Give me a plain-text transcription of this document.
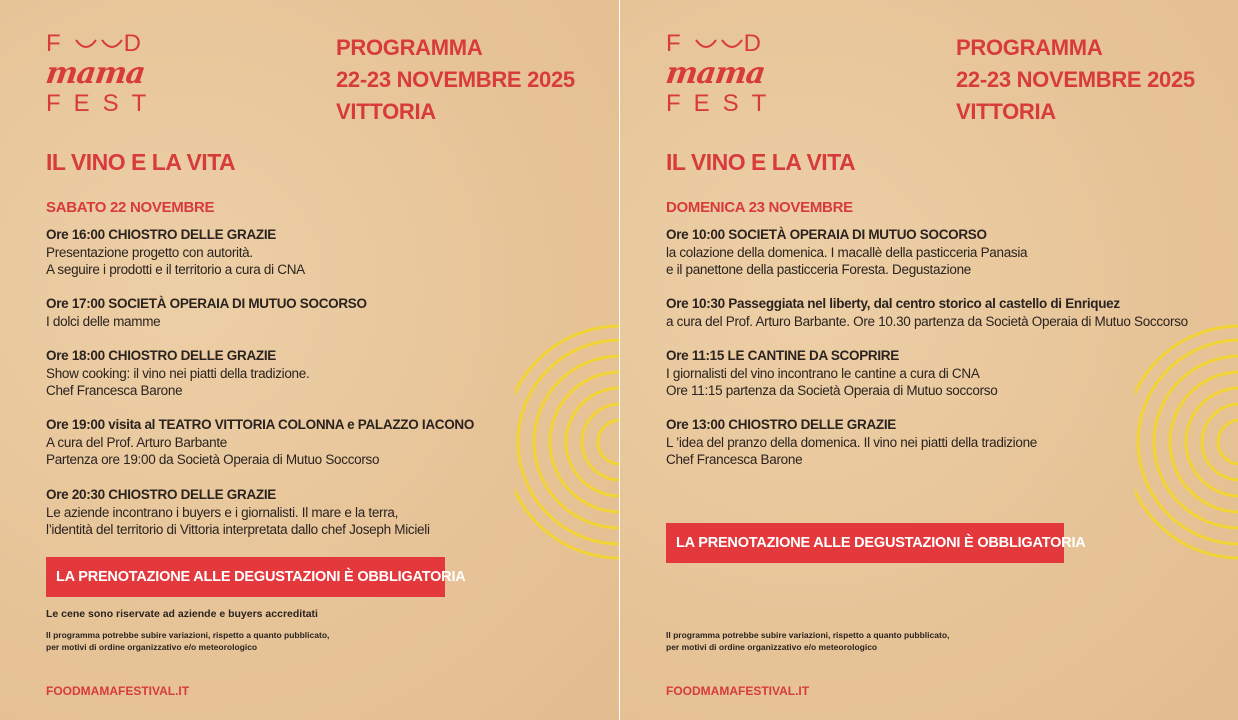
F D
mama
FEST
PROGRAMMA
22-23 NOVEMBRE 2025
VITTORIA
IL VINO E LA VITA
SABATO 22 NOVEMBRE
Ore 16:00 CHIOSTRO DELLE GRAZIE
Presentazione progetto con autorità.
A seguire i prodotti e il territorio a cura di CNA
Ore 17:00 SOCIETÀ OPERAIA DI MUTUO SOCORSO
I dolci delle mamme
Ore 18:00 CHIOSTRO DELLE GRAZIE
Show cooking: il vino nei piatti della tradizione.
Chef Francesca Barone
Ore 19:00 visita al TEATRO VITTORIA COLONNA e PALAZZO IACONO
A cura del Prof. Arturo Barbante
Partenza ore 19:00 da Società Operaia di Mutuo Soccorso
Ore 20:30 CHIOSTRO DELLE GRAZIE
Le aziende incontrano i buyers e i giornalisti. Il mare e la terra,
l’identità del territorio di Vittoria interpretata dallo chef Joseph Micieli
LA PRENOTAZIONE ALLE DEGUSTAZIONI È OBBLIGATORIA
Le cene sono riservate ad aziende e buyers accreditati
Il programma potrebbe subire variazioni, rispetto a quanto pubblicato,
per motivi di ordine organizzativo e/o meteorologico
FOODMAMAFESTIVAL.IT
F D
mama
FEST
PROGRAMMA
22-23 NOVEMBRE 2025
VITTORIA
IL VINO E LA VITA
DOMENICA 23 NOVEMBRE
Ore 10:00 SOCIETÀ OPERAIA DI MUTUO SOCORSO
la colazione della domenica. I macallè della pasticceria Panasia
e il panettone della pasticceria Foresta. Degustazione
Ore 10:30 Passeggiata nel liberty, dal centro storico al castello di Enriquez
a cura del Prof. Arturo Barbante. Ore 10.30 partenza da Società Operaia di Mutuo Soccorso
Ore 11:15 LE CANTINE DA SCOPRIRE
I giornalisti del vino incontrano le cantine a cura di CNA
Ore 11:15 partenza da Società Operaia di Mutuo soccorso
Ore 13:00 CHIOSTRO DELLE GRAZIE
L ’idea del pranzo della domenica. Il vino nei piatti della tradizione
Chef Francesca Barone
LA PRENOTAZIONE ALLE DEGUSTAZIONI È OBBLIGATORIA
Il programma potrebbe subire variazioni, rispetto a quanto pubblicato,
per motivi di ordine organizzativo e/o meteorologico
FOODMAMAFESTIVAL.IT
